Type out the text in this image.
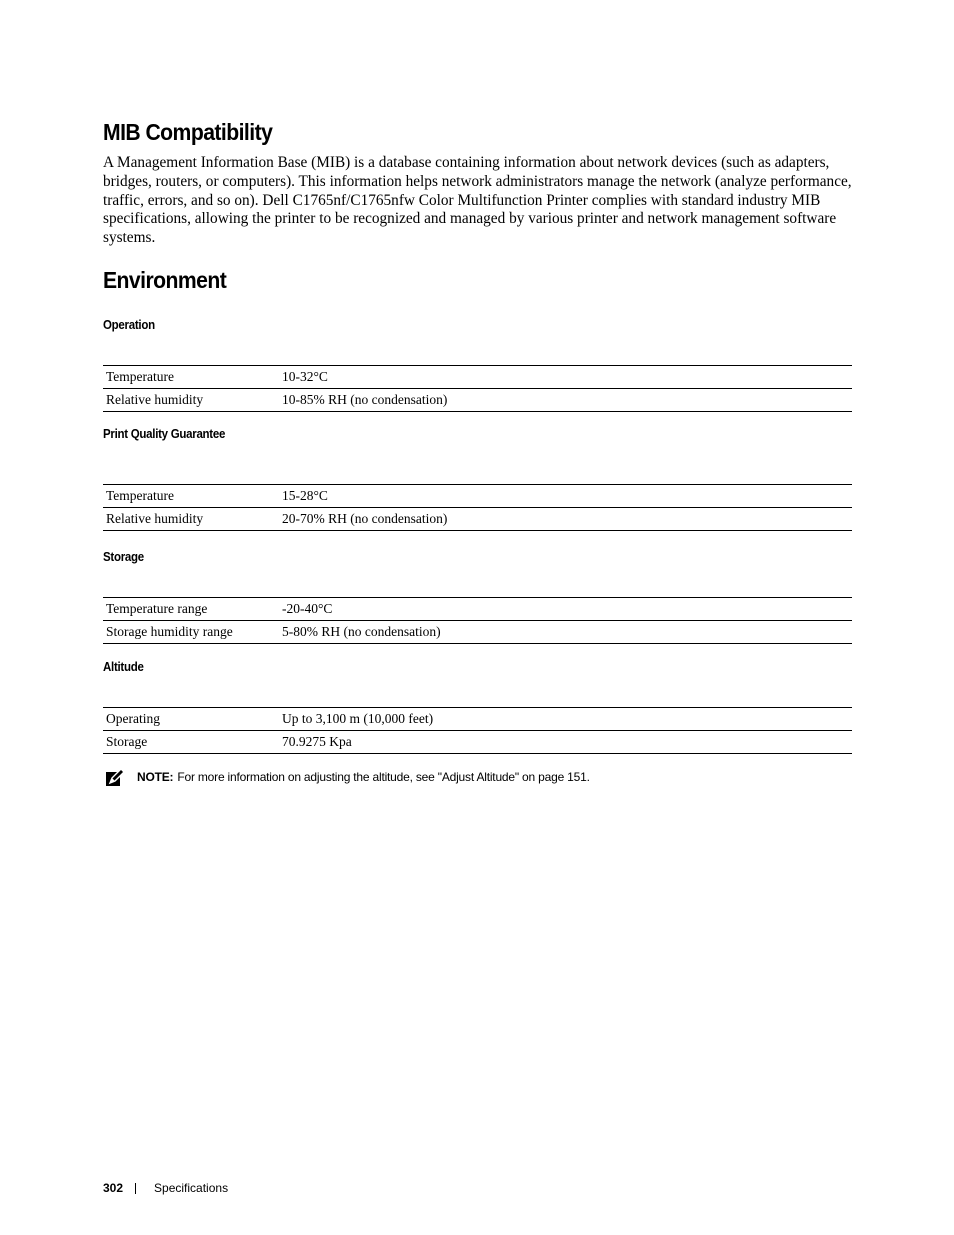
MIB Compatibility

A Management Information Base (MIB) is a database containing information about network devices (such as adapters, bridges, routers, or computers). This information helps network administrators manage the network (analyze performance, traffic, errors, and so on). Dell C1765nf/C1765nfw Color Multifunction Printer complies with standard industry MIB specifications, allowing the printer to be recognized and managed by various printer and network management software systems.

Environment
Operation
Temperature	10-32°C
Relative humidity	10-85% RH (no condensation)
Print Quality Guarantee
Temperature	15-28°C
Relative humidity	20-70% RH (no condensation)
Storage
Temperature range	-20-40°C
Storage humidity range	5-80% RH (no condensation)
Altitude
Operating	Up to 3,100 m (10,000 feet)
Storage	70.9275 Kpa
NOTE: For more information on adjusting the altitude, see "Adjust Altitude" on page 151.
302	Specifications
